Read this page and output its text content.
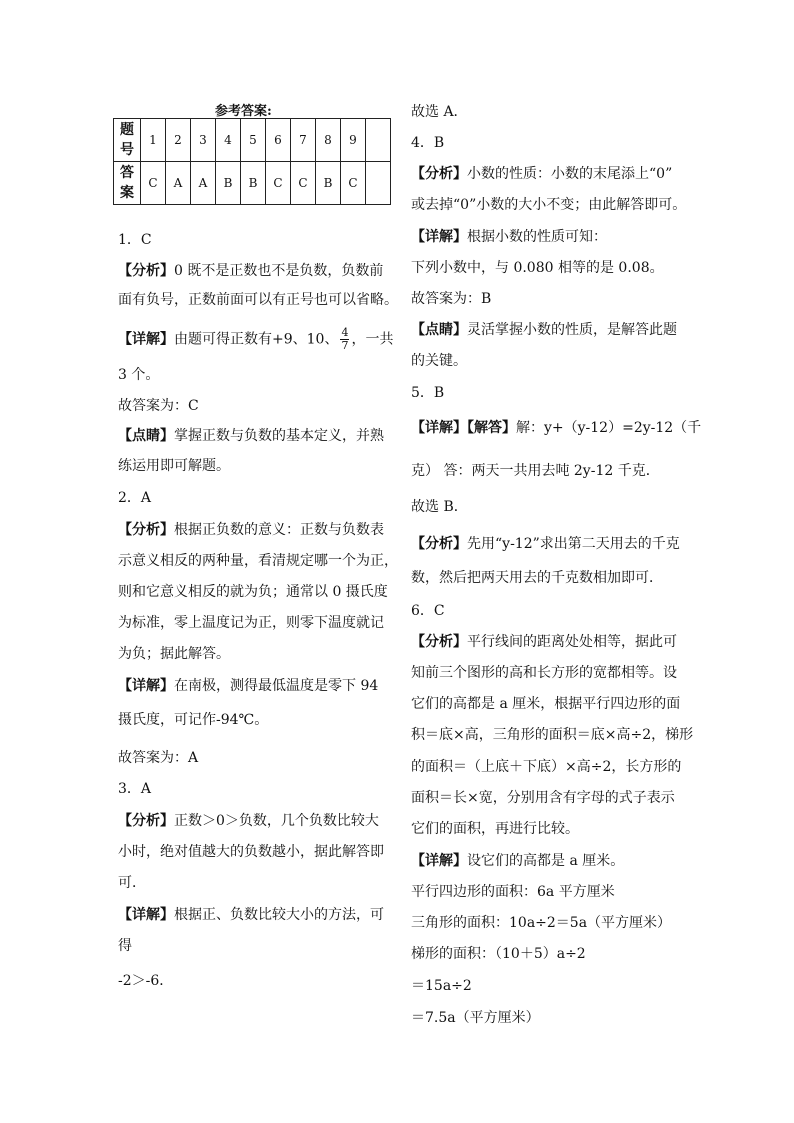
参考答案:
题
号	1	2	3	4	5	6	7	8	9	
答
案	C	A	A	B	B	C	C	B	C	
1．C
【分析】0 既不是正数也不是负数，负数前
面有负号，正数前面可以有正号也可以省略。
【详解】由题可得正数有+9、10、 $\frac{4}{7}$ ，一共
3 个。
故答案为：C
【点睛】掌握正数与负数的基本定义，并熟
练运用即可解题。
2．A
【分析】根据正负数的意义：正数与负数表
示意义相反的两种量，看清规定哪一个为正，
则和它意义相反的就为负；通常以 0 摄氏度
为标准，零上温度记为正，则零下温度就记
为负；据此解答。
【详解】在南极，测得最低温度是零下 94
摄氏度，可记作-94℃。
故答案为：A
3．A
【分析】正数＞0＞负数，几个负数比较大
小时，绝对值越大的负数越小，据此解答即
可．
【详解】根据正、负数比较大小的方法，可
得
-2＞-6．
故选 A．
4．B
【分析】小数的性质：小数的末尾添上“0”
或去掉“0”小数的大小不变；由此解答即可。
【详解】根据小数的性质可知：
下列小数中，与 0.080 相等的是 0.08。
故答案为：B
【点睛】灵活掌握小数的性质，是解答此题
的关键。
5．B
【详解】【解答】解：y+（y-12）=2y-12（千
克） 答：两天一共用去吨 2y-12 千克．
故选 B．
【分析】先用“y-12”求出第二天用去的千克
数，然后把两天用去的千克数相加即可．
6．C
【分析】平行线间的距离处处相等，据此可
知前三个图形的高和长方形的宽都相等。设
它们的高都是 a 厘米，根据平行四边形的面
积＝底×高，三角形的面积＝底×高÷2，梯形
的面积＝（上底＋下底）×高÷2，长方形的
面积＝长×宽，分别用含有字母的式子表示
它们的面积，再进行比较。
【详解】设它们的高都是 a 厘米。
平行四边形的面积：6a 平方厘米
三角形的面积：10a÷2＝5a（平方厘米）
梯形的面积：（10＋5）a÷2
＝15a÷2
＝7.5a（平方厘米）
